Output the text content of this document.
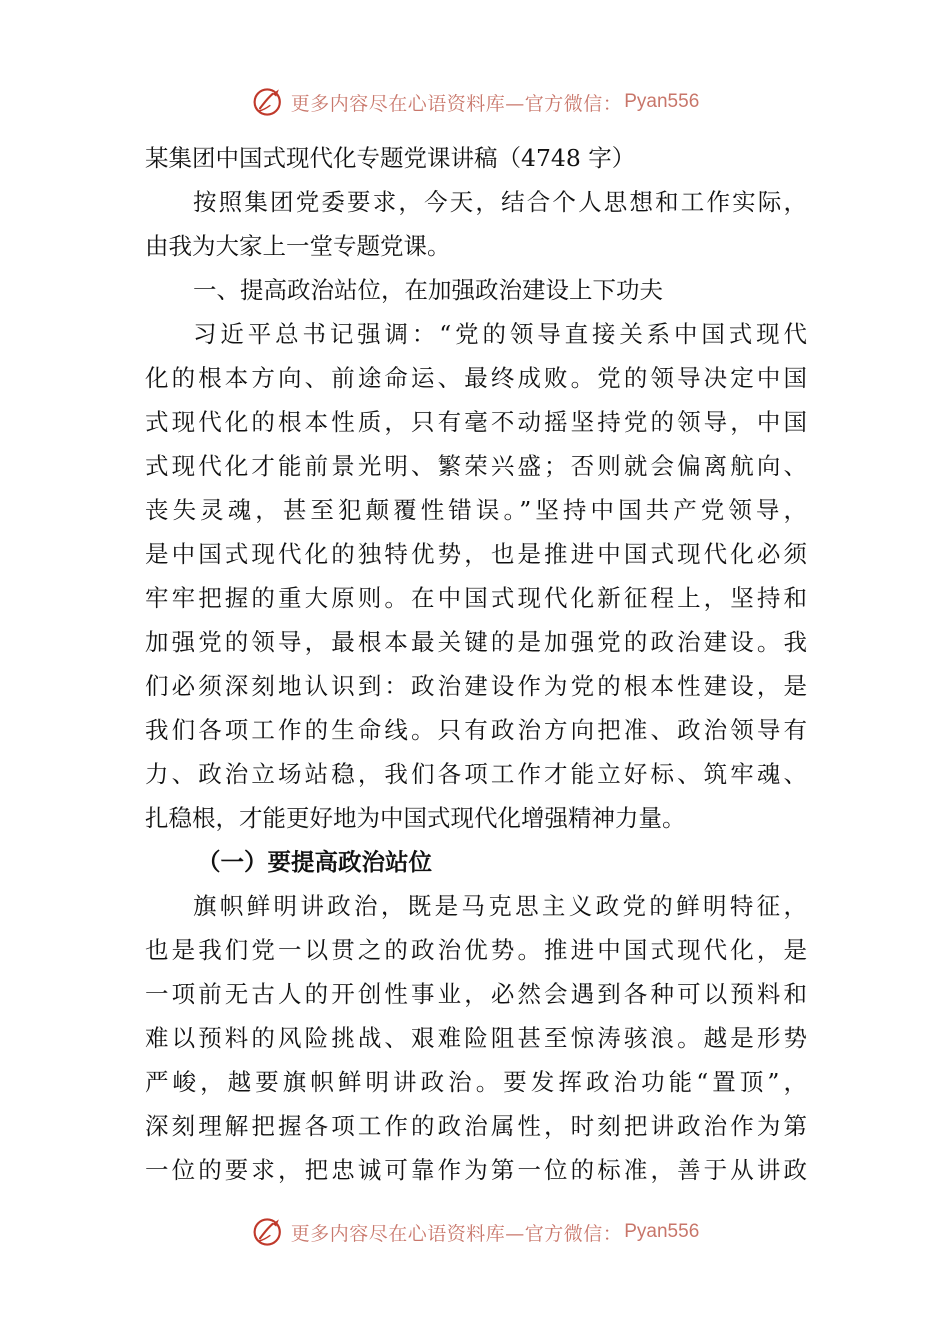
更多内容尽在心语资料库—官方微信： Pyan556
某集团中国式现代化专题党课讲稿（4748 字）
按照集团党委要求，今天，结合个人思想和工作实际，
由我为大家上一堂专题党课。
一、提高政治站位，在加强政治建设上下功夫
习近平总书记强调：“党的领导直接关系中国式现代
化的根本方向、前途命运、最终成败。党的领导决定中国
式现代化的根本性质，只有毫不动摇坚持党的领导，中国
式现代化才能前景光明、繁荣兴盛；否则就会偏离航向、
丧失灵魂，甚至犯颠覆性错误。”坚持中国共产党领导，
是中国式现代化的独特优势，也是推进中国式现代化必须
牢牢把握的重大原则。在中国式现代化新征程上，坚持和
加强党的领导，最根本最关键的是加强党的政治建设。我
们必须深刻地认识到：政治建设作为党的根本性建设，是
我们各项工作的生命线。只有政治方向把准、政治领导有
力、政治立场站稳，我们各项工作才能立好标、筑牢魂、
扎稳根，才能更好地为中国式现代化增强精神力量。
（一）要提高政治站位
旗帜鲜明讲政治，既是马克思主义政党的鲜明特征，
也是我们党一以贯之的政治优势。推进中国式现代化，是
一项前无古人的开创性事业，必然会遇到各种可以预料和
难以预料的风险挑战、艰难险阻甚至惊涛骇浪。越是形势
严峻，越要旗帜鲜明讲政治。要发挥政治功能“置顶”，
深刻理解把握各项工作的政治属性，时刻把讲政治作为第
一位的要求，把忠诚可靠作为第一位的标准，善于从讲政
更多内容尽在心语资料库—官方微信： Pyan556
